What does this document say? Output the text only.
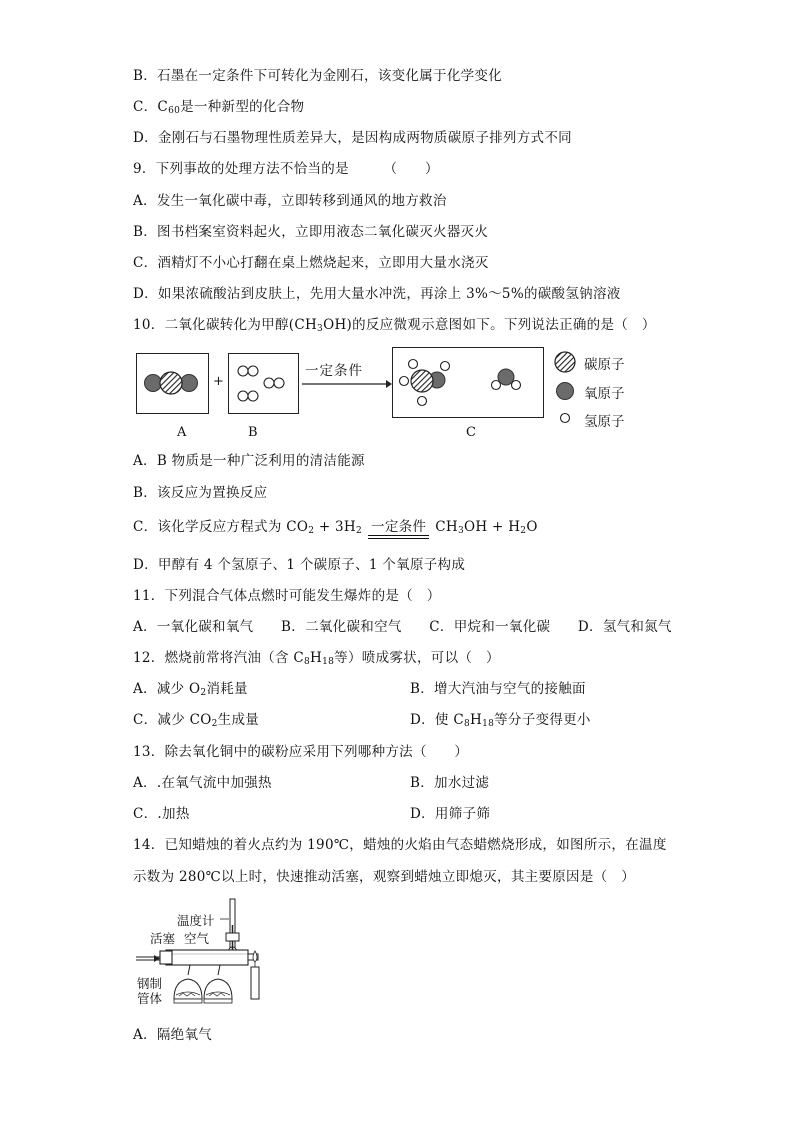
B．石墨在一定条件下可转化为金刚石，该变化属于化学变化
C．$C_{60}$是一种新型的化合物
D．金刚石与石墨物理性质差异大，是因构成两物质碳原子排列方式不同
9．下列事故的处理方法不恰当的是　　　（　　）
A．发生一氧化碳中毒，立即转移到通风的地方救治
B．图书档案室资料起火，立即用液态二氧化碳灭火器灭火
C．酒精灯不小心打翻在桌上燃烧起来，立即用大量水浇灭
D．如果浓硫酸沾到皮肤上，先用大量水冲洗，再涂上 3%～5%的碳酸氢钠溶液
10．二氧化碳转化为甲醇$(CH_3OH)$的反应微观示意图如下。下列说法正确的是（　）
+
一定条件
A	B	C
碳原子
氧原子
氢原子
A．B 物质是一种广泛利用的清洁能源
B．该反应为置换反应
C．该化学反应方程式为 $CO_2 + 3H_2$ 一定条件 $CH_3OH + H_2O$
D．甲醇有 4 个氢原子、1 个碳原子、1 个氧原子构成
11．下列混合气体点燃时可能发生爆炸的是（　）
A．一氧化碳和氧气　　B．二氧化碳和空气　　C．甲烷和一氧化碳　　D．氢气和氮气
12．燃烧前常将汽油（含 $C_8H_{18}$等）喷成雾状，可以（　）
A．减少 $O_2$消耗量	B．增大汽油与空气的接触面
C．减少 $CO_2$生成量	D．使 $C_8H_{18}$等分子变得更小
13．除去氧化铜中的碳粉应采用下列哪种方法（　　）
A．.在氧气流中加强热	B．加水过滤
C．.加热	D．用筛子筛
14．已知蜡烛的着火点约为 190℃，蜡烛的火焰由气态蜡燃烧形成，如图所示，在温度
示数为 280℃以上时，快速推动活塞，观察到蜡烛立即熄灭，其主要原因是（　）
温度计
活塞 空气
钢制
管体
A．隔绝氧气
